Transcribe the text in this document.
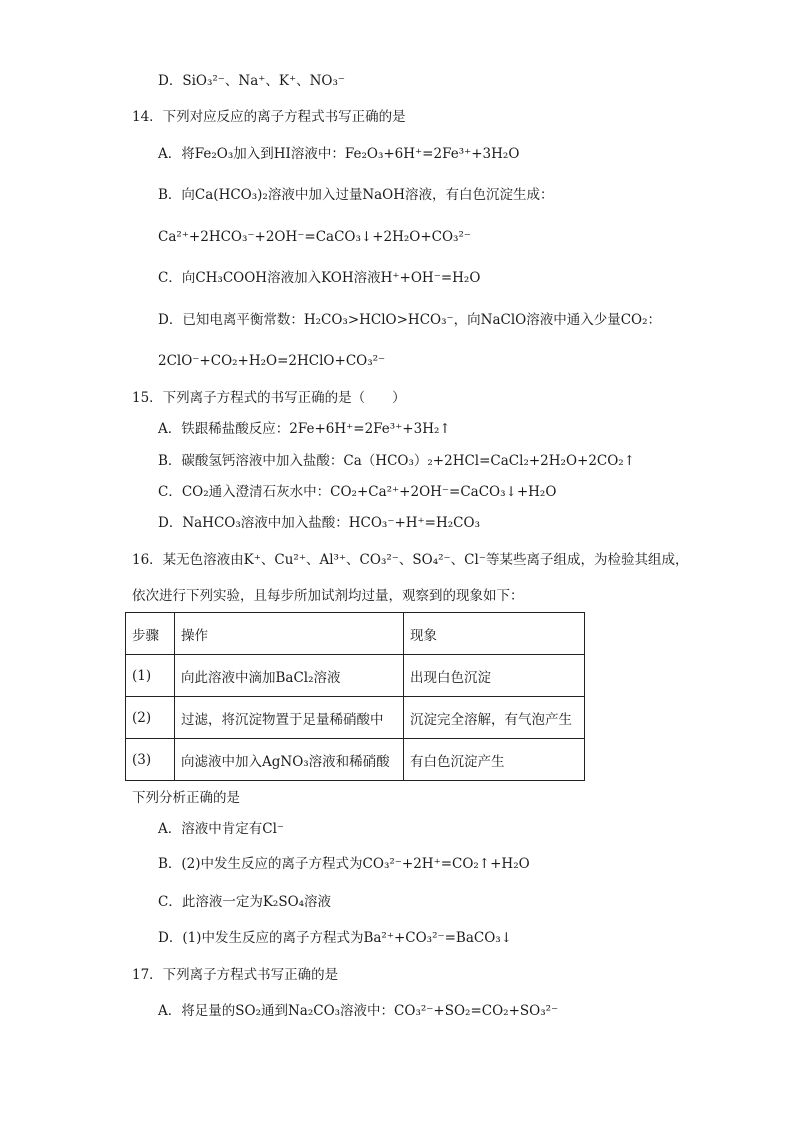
D．SiO₃²⁻、Na⁺、K⁺、NO₃⁻
14．下列对应反应的离子方程式书写正确的是
A．将Fe₂O₃加入到HI溶液中：Fe₂O₃+6H⁺=2Fe³⁺+3H₂O
B．向Ca(HCO₃)₂溶液中加入过量NaOH溶液，有白色沉淀生成：
Ca²⁺+2HCO₃⁻+2OH⁻=CaCO₃↓+2H₂O+CO₃²⁻
C．向CH₃COOH溶液加入KOH溶液H⁺+OH⁻=H₂O
D．已知电离平衡常数：H₂CO₃>HClO>HCO₃⁻，向NaClO溶液中通入少量CO₂：
2ClO⁻+CO₂+H₂O=2HClO+CO₃²⁻
15．下列离子方程式的书写正确的是（　　）
A．铁跟稀盐酸反应：2Fe+6H⁺=2Fe³⁺+3H₂↑
B．碳酸氢钙溶液中加入盐酸：Ca（HCO₃）₂+2HCl=CaCl₂+2H₂O+2CO₂↑
C．CO₂通入澄清石灰水中：CO₂+Ca²⁺+2OH⁻=CaCO₃↓+H₂O
D．NaHCO₃溶液中加入盐酸：HCO₃⁻+H⁺=H₂CO₃
16．某无色溶液由K⁺、Cu²⁺、Al³⁺、CO₃²⁻、SO₄²⁻、Cl⁻等某些离子组成，为检验其组成，
依次进行下列实验，且每步所加试剂均过量，观察到的现象如下：
步骤	操作	现象
(1)	向此溶液中滴加BaCl₂溶液	出现白色沉淀
(2)	过滤，将沉淀物置于足量稀硝酸中	沉淀完全溶解，有气泡产生
(3)	向滤液中加入AgNO₃溶液和稀硝酸	有白色沉淀产生
下列分析正确的是
A．溶液中肯定有Cl⁻
B．(2)中发生反应的离子方程式为CO₃²⁻+2H⁺=CO₂↑+H₂O
C．此溶液一定为K₂SO₄溶液
D．(1)中发生反应的离子方程式为Ba²⁺+CO₃²⁻=BaCO₃↓
17．下列离子方程式书写正确的是
A．将足量的SO₂通到Na₂CO₃溶液中：CO₃²⁻+SO₂=CO₂+SO₃²⁻
